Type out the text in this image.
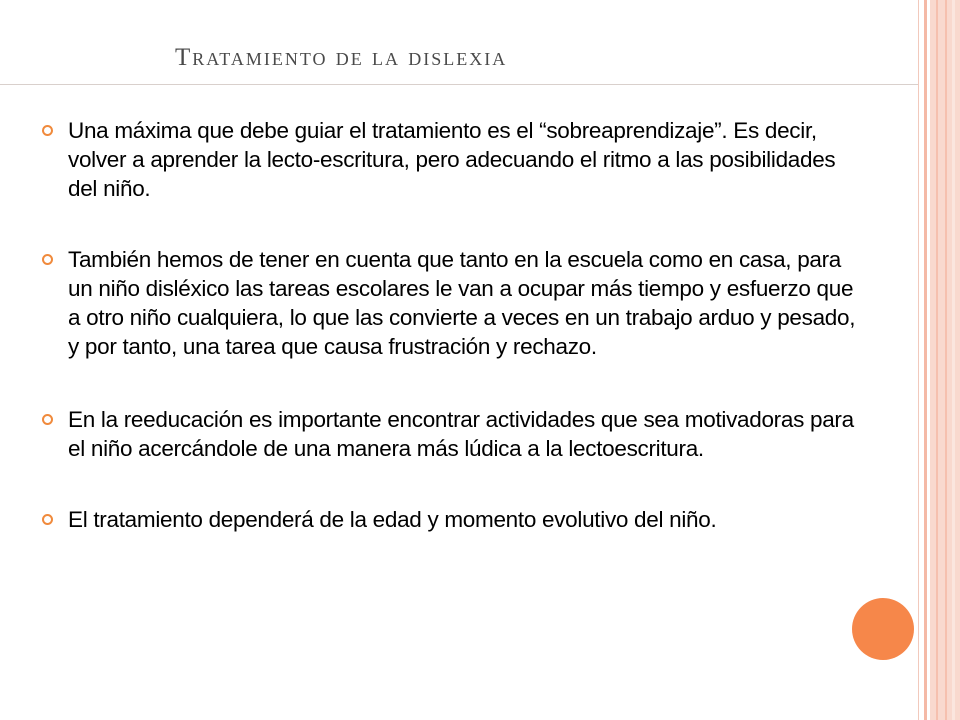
Tratamiento de la dislexia
Una máxima que debe guiar el tratamiento es el “sobreaprendizaje”. Es decir, volver a aprender la lecto-escritura, pero adecuando el ritmo a las posibilidades del niño.
También hemos de tener en cuenta que tanto en la escuela como en casa, para un niño disléxico las tareas escolares le van a ocupar más tiempo y esfuerzo que a otro niño cualquiera, lo que las convierte a veces en un trabajo arduo y pesado, y por tanto, una tarea que causa frustración y rechazo.
En la reeducación es importante encontrar actividades que sea motivadoras para el niño acercándole de una manera más lúdica a la lectoescritura.
El tratamiento dependerá de la edad y momento evolutivo del niño.
